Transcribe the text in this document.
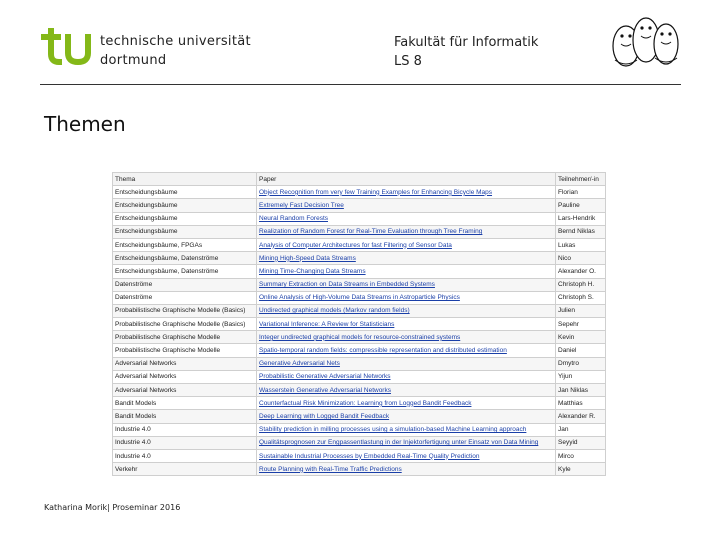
technische universität
dortmund
Fakultät für Informatik
LS 8
Themen
Thema	Paper	Teilnehmer/-in
Entscheidungsbäume	Object Recognition from very few Training Examples for Enhancing Bicycle Maps	Florian
Entscheidungsbäume	Extremely Fast Decision Tree	Pauline
Entscheidungsbäume	Neural Random Forests	Lars-Hendrik
Entscheidungsbäume	Realization of Random Forest for Real-Time Evaluation through Tree Framing	Bernd Niklas
Entscheidungsbäume, FPGAs	Analysis of Computer Architectures for fast Filtering of Sensor Data	Lukas
Entscheidungsbäume, Datenströme	Mining High-Speed Data Streams	Nico
Entscheidungsbäume, Datenströme	Mining Time-Changing Data Streams	Alexander O.
Datenströme	Summary Extraction on Data Streams in Embedded Systems	Christoph H.
Datenströme	Online Analysis of High-Volume Data Streams in Astroparticle Physics	Christoph S.
Probabilistische Graphische Modelle (Basics)	Undirected graphical models (Markov random fields)	Julien
Probabilistische Graphische Modelle (Basics)	Variational Inference: A Review for Statisticians	Sepehr
Probabilistische Graphische Modelle	Integer undirected graphical models for resource-constrained systems	Kevin
Probabilistische Graphische Modelle	Spatio-temporal random fields: compressible representation and distributed estimation	Daniel
Adversarial Networks	Generative Adversarial Nets	Dmytro
Adversarial Networks	Probabilistic Generative Adversarial Networks	Yijun
Adversarial Networks	Wasserstein Generative Adversarial Networks	Jan Niklas
Bandit Models	Counterfactual Risk Minimization: Learning from Logged Bandit Feedback	Matthias
Bandit Models	Deep Learning with Logged Bandit Feedback	Alexander R.
Industrie 4.0	Stability prediction in milling processes using a simulation-based Machine Learning approach	Jan
Industrie 4.0	Qualitätsprognosen zur Engpassentlastung in der Injektorfertigung unter Einsatz von Data Mining	Seyyid
Industrie 4.0	Sustainable Industrial Processes by Embedded Real-Time Quality Prediction	Mirco
Verkehr	Route Planning with Real-Time Traffic Predictions	Kyle
Katharina Morik| Proseminar 2016
